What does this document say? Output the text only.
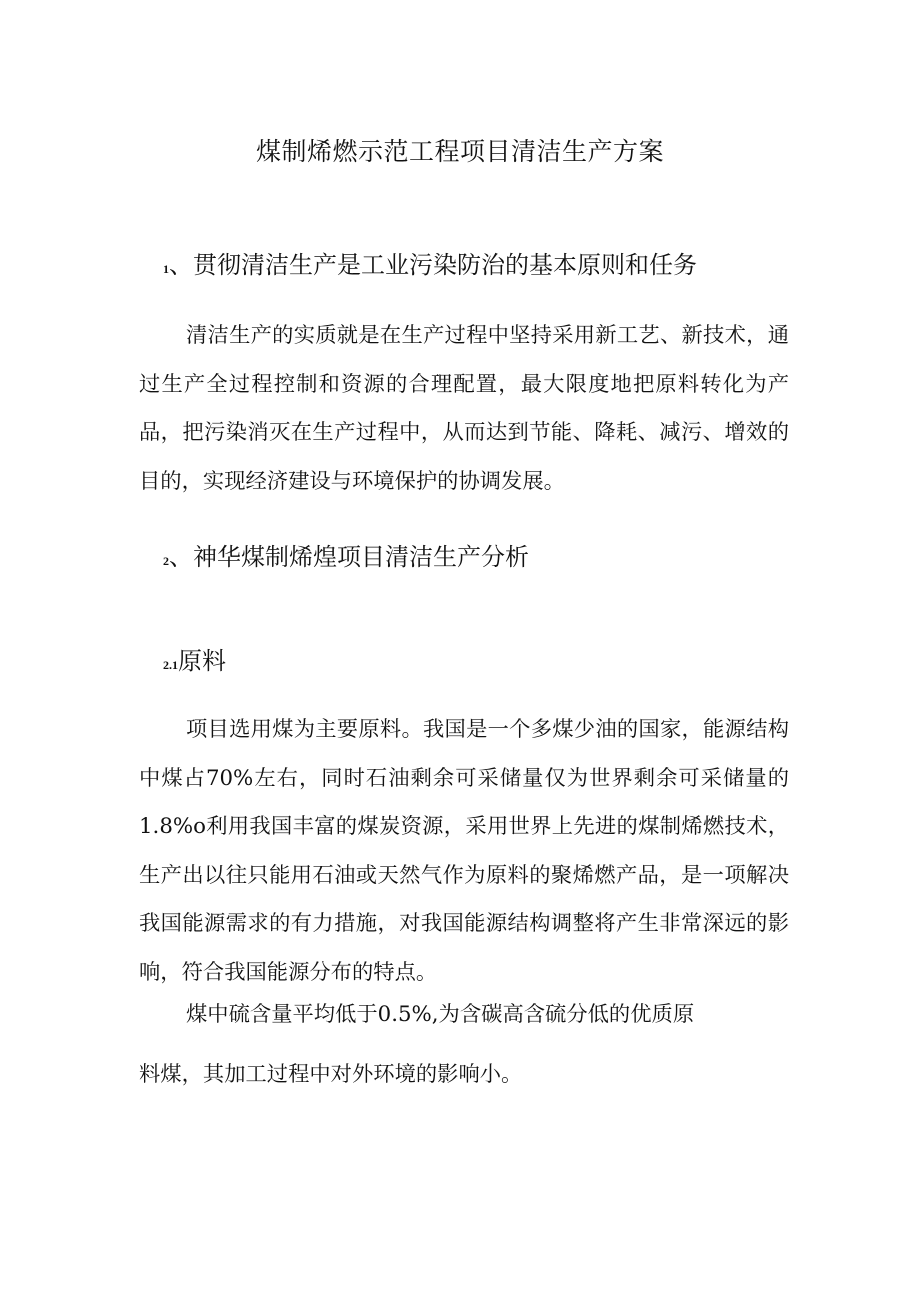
煤制烯燃示范工程项目清洁生产方案
1、贯彻清洁生产是工业污染防治的基本原则和任务

清洁生产的实质就是在生产过程中坚持采用新工艺、新技术，通过生产全过程控制和资源的合理配置，最大限度地把原料转化为产品，把污染消灭在生产过程中，从而达到节能、降耗、减污、增效的目的，实现经济建设与环境保护的协调发展。

2、神华煤制烯煌项目清洁生产分析
2.1原料

项目选用煤为主要原料。我国是一个多煤少油的国家，能源结构中煤占70%左右，同时石油剩余可采储量仅为世界剩余可采储量的1.8%o利用我国丰富的煤炭资源，采用世界上先进的煤制烯燃技术，生产出以往只能用石油或天然气作为原料的聚烯燃产品，是一项解决我国能源需求的有力措施，对我国能源结构调整将产生非常深远的影响，符合我国能源分布的特点。

煤中硫含量平均低于0.5%,为含碳高含硫分低的优质原
料煤，其加工过程中对外环境的影响小。
